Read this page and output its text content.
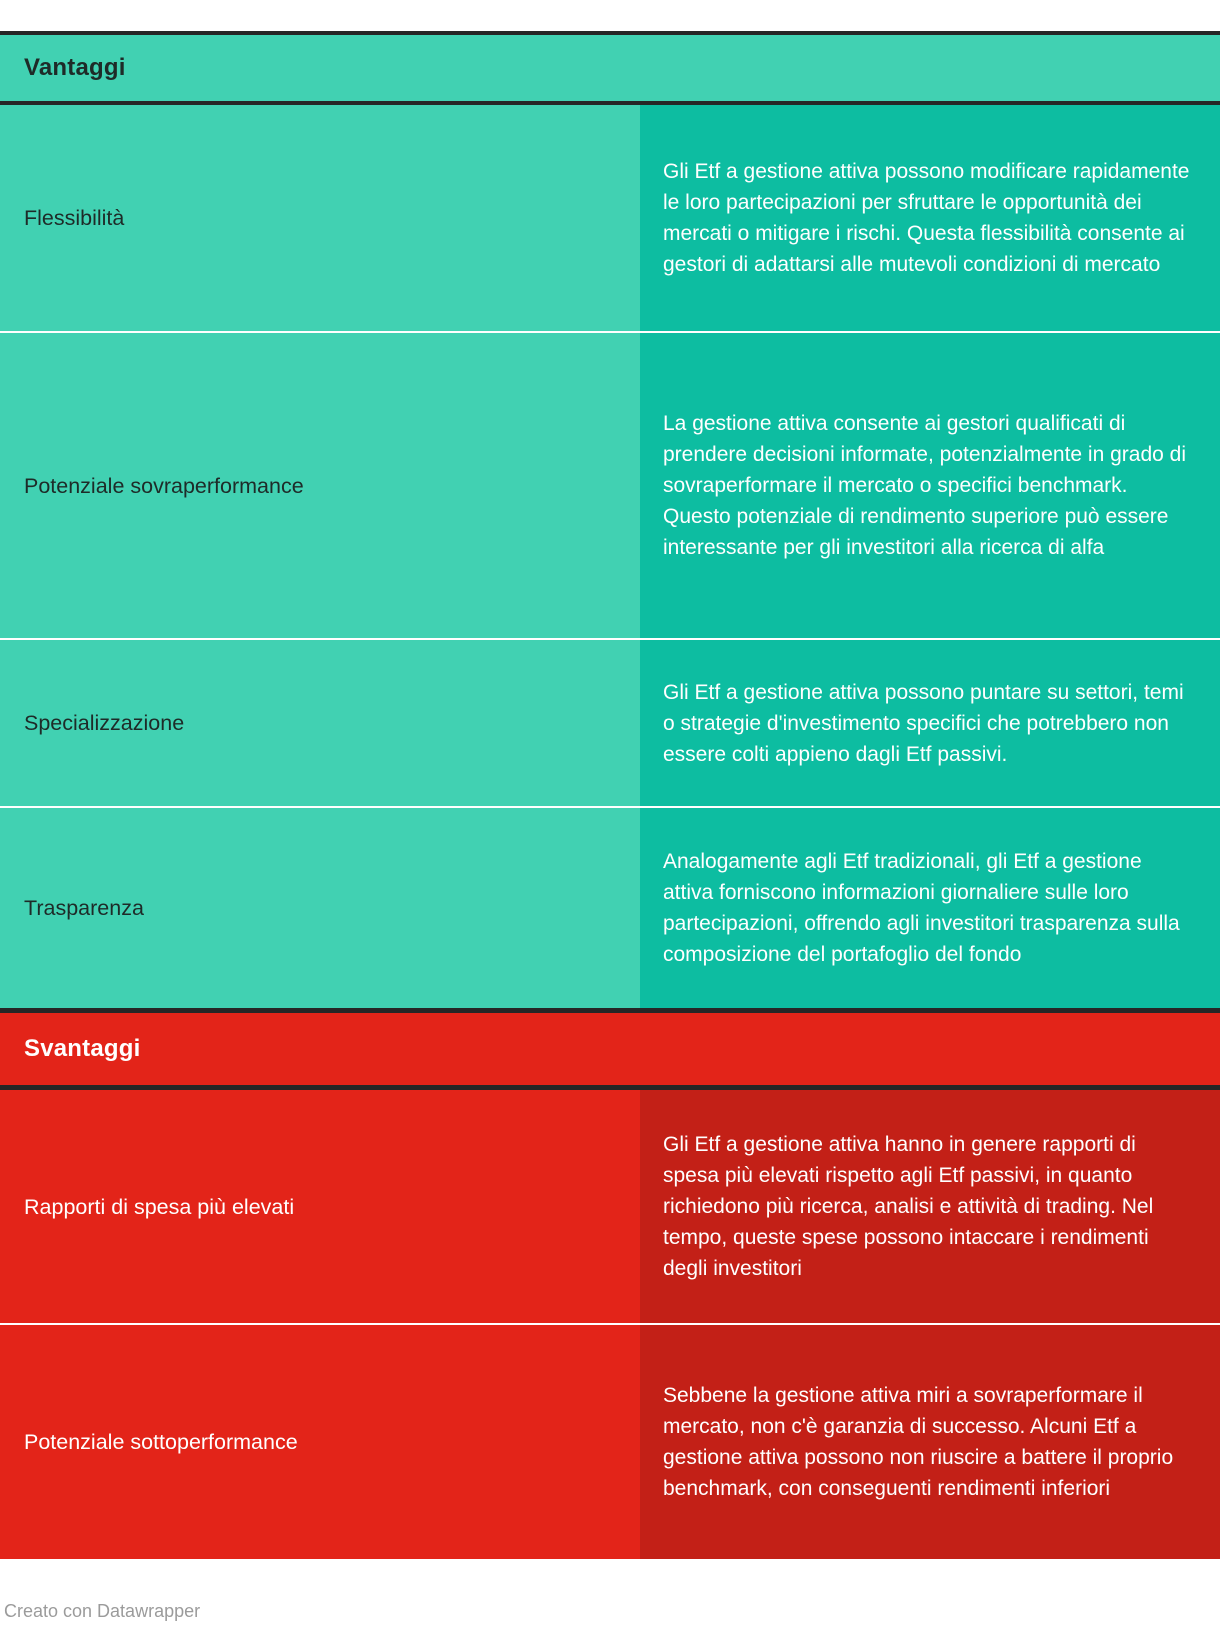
Vantaggi
Flessibilità
Gli Etf a gestione attiva possono modificare rapidamente le loro partecipazioni per sfruttare le opportunità dei mercati o mitigare i rischi. Questa flessibilità consente ai gestori di adattarsi alle mutevoli condizioni di mercato
Potenziale sovraperformance
La gestione attiva consente ai gestori qualificati di prendere decisioni informate, potenzialmente in grado di sovraperformare il mercato o specifici benchmark. Questo potenziale di rendimento superiore può essere interessante per gli investitori alla ricerca di alfa
Specializzazione
Gli Etf a gestione attiva possono puntare su settori, temi o strategie d'investimento specifici che potrebbero non essere colti appieno dagli Etf passivi.
Trasparenza
Analogamente agli Etf tradizionali, gli Etf a gestione attiva forniscono informazioni giornaliere sulle loro partecipazioni, offrendo agli investitori trasparenza sulla composizione del portafoglio del fondo
Svantaggi
Rapporti di spesa più elevati
Gli Etf a gestione attiva hanno in genere rapporti di spesa più elevati rispetto agli Etf passivi, in quanto richiedono più ricerca, analisi e attività di trading. Nel tempo, queste spese possono intaccare i rendimenti degli investitori
Potenziale sottoperformance
Sebbene la gestione attiva miri a sovraperformare il mercato, non c'è garanzia di successo. Alcuni Etf a gestione attiva possono non riuscire a battere il proprio benchmark, con conseguenti rendimenti inferiori
Creato con Datawrapper
